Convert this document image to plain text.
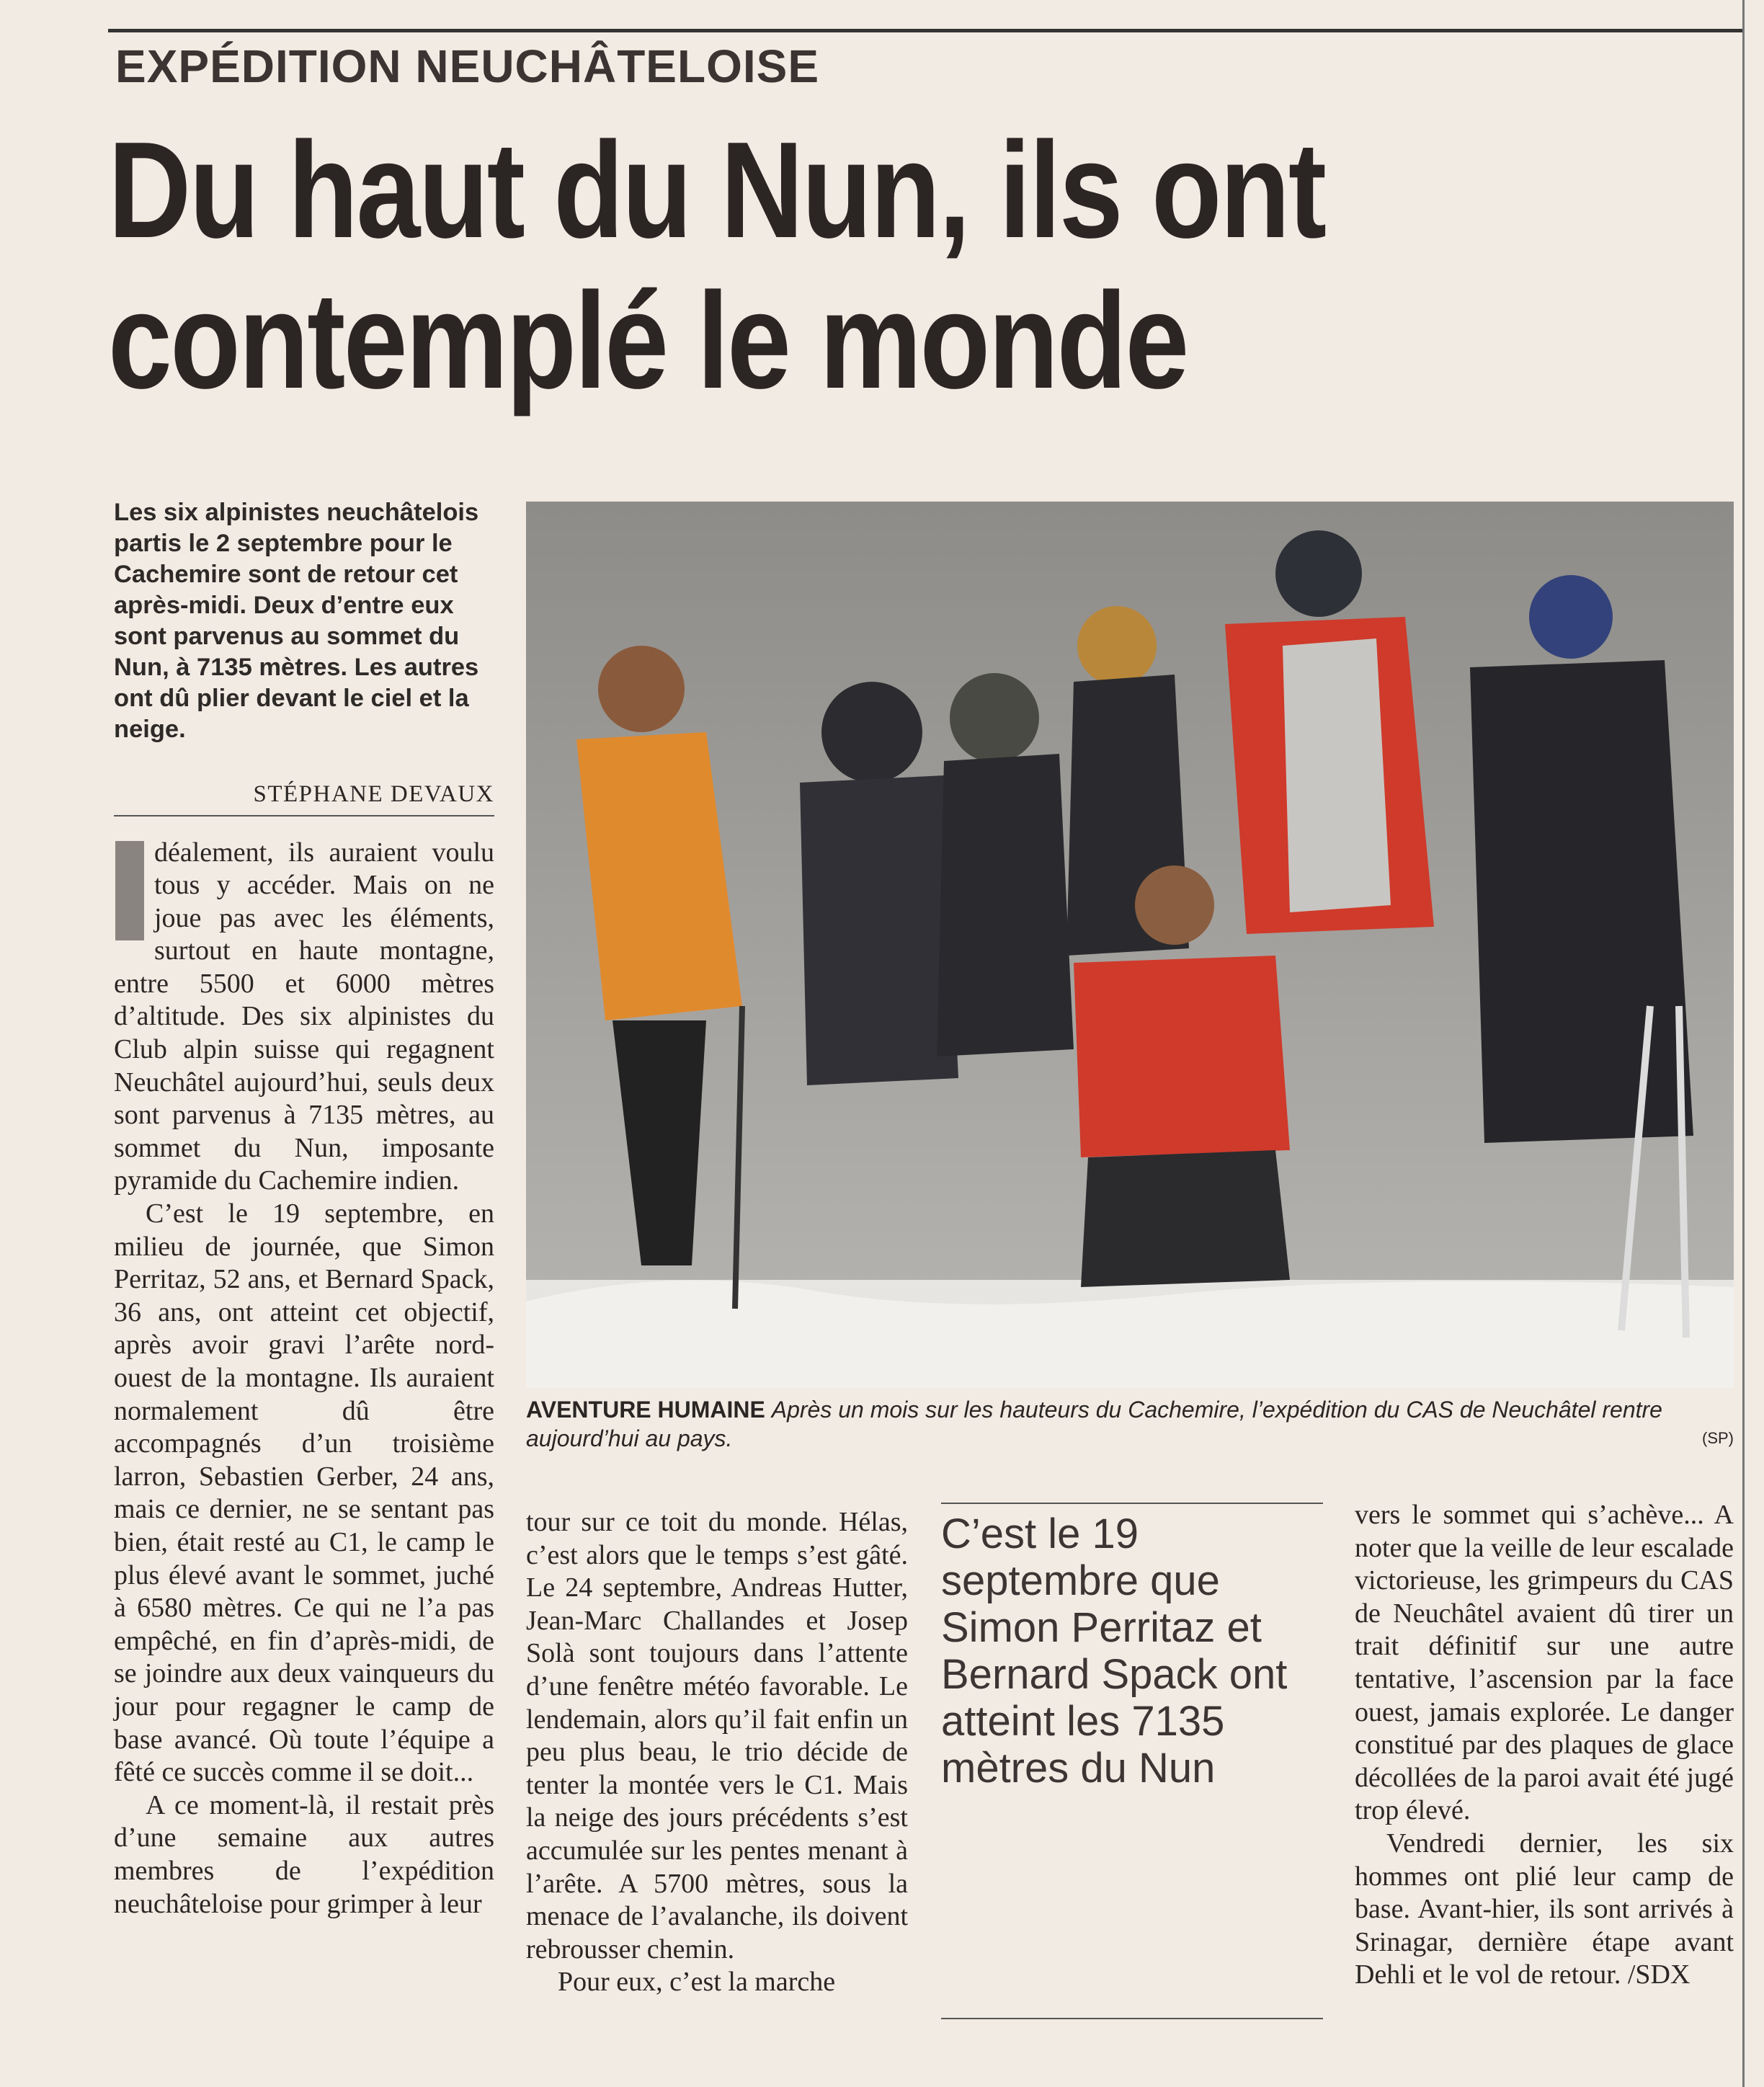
EXPÉDITION NEUCHÂTELOISE
Du haut du Nun, ils ont
contemplé le monde

Les six alpinistes neuchâtelois partis le 2 septembre pour le Cachemire sont de retour cet après-midi. Deux d’entre eux sont parvenus au sommet du Nun, à 7135 mètres. Les autres ont dû plier devant le ciel et la neige.

STÉPHANE DEVAUX

déalement, ils auraient voulu tous y accéder. Mais on ne joue pas avec les éléments, surtout en haute montagne, entre 5500 et 6000 mètres d’altitude. Des six alpinistes du Club alpin suisse qui regagnent Neuchâtel aujourd’hui, seuls deux sont parvenus à 7135 mètres, au sommet du Nun, imposante pyramide du Cachemire indien.

C’est le 19 septembre, en milieu de journée, que Simon Perritaz, 52 ans, et Bernard Spack, 36 ans, ont atteint cet objectif, après avoir gravi l’arête nord-ouest de la montagne. Ils auraient normalement dû être accompagnés d’un troisième larron, Sebastien Gerber, 24 ans, mais ce dernier, ne se sentant pas bien, était resté au C1, le camp le plus élevé avant le sommet, juché à 6580 mètres. Ce qui ne l’a pas empêché, en fin d’après-midi, de se joindre aux deux vainqueurs du jour pour regagner le camp de base avancé. Où toute l’équipe a fêté ce succès comme il se doit...

A ce moment-là, il restait près d’une semaine aux autres membres de l’expédition neuchâteloise pour grimper à leur

AVENTURE HUMAINE Après un mois sur les hauteurs du Cachemire, l’expédition du CAS de Neuchâtel rentre aujourd’hui au pays.	(SP)

tour sur ce toit du monde. Hélas, c’est alors que le temps s’est gâté. Le 24 septembre, Andreas Hutter, Jean-Marc Challandes et Josep Solà sont toujours dans l’attente d’une fenêtre météo favorable. Le lendemain, alors qu’il fait enfin un peu plus beau, le trio décide de tenter la montée vers le C1. Mais la neige des jours précédents s’est accumulée sur les pentes menant à l’arête. A 5700 mètres, sous la menace de l’avalanche, ils doivent rebrousser chemin.

Pour eux, c’est la marche

C’est le 19 septembre que Simon Perritaz et Bernard Spack ont atteint les 7135 mètres du Nun

vers le sommet qui s’achève... A noter que la veille de leur escalade victorieuse, les grimpeurs du CAS de Neuchâtel avaient dû tirer un trait définitif sur une autre tentative, l’ascension par la face ouest, jamais explorée. Le danger constitué par des plaques de glace décollées de la paroi avait été jugé trop élevé.

Vendredi dernier, les six hommes ont plié leur camp de base. Avant-hier, ils sont arrivés à Srinagar, dernière étape avant Dehli et le vol de retour. /SDX
